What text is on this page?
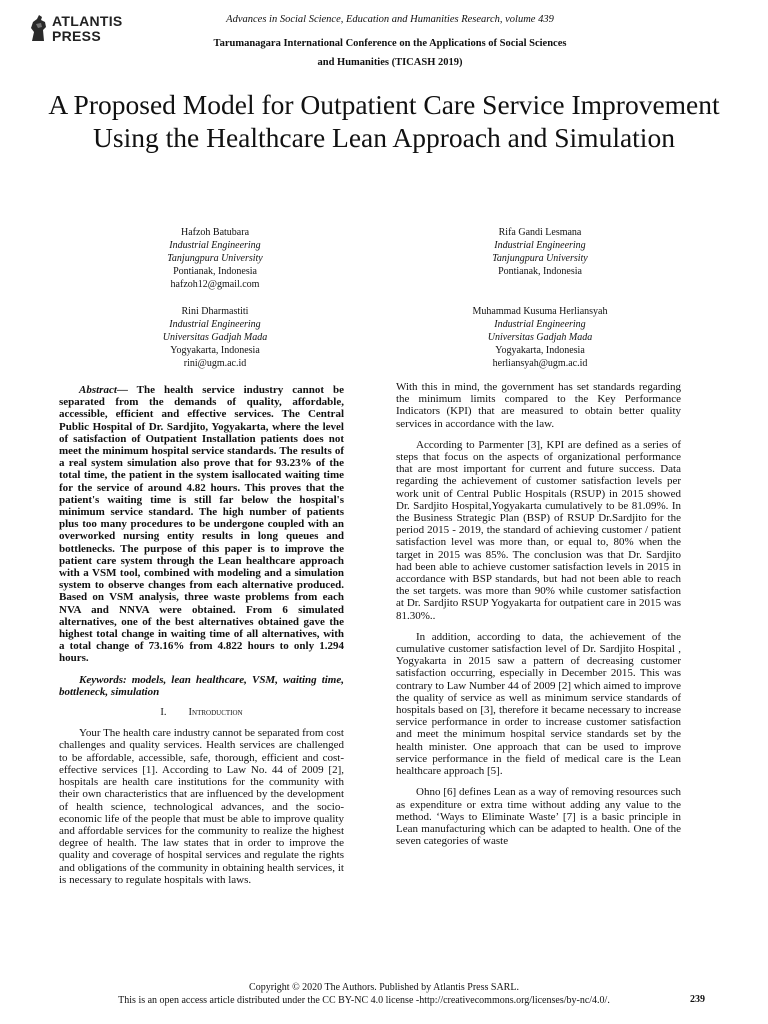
ATLANTIS
PRESS
Advances in Social Science, Education and Humanities Research, volume 439
Tarumanagara International Conference on the Applications of Social Sciences
and Humanities (TICASH 2019)
A Proposed Model for Outpatient Care Service Improvement Using the Healthcare Lean Approach and Simulation
Hafzoh Batubara
Industrial Engineering
Tanjungpura University
Pontianak, Indonesia
hafzoh12@gmail.com
Rifa Gandi Lesmana
Industrial Engineering
Tanjungpura University
Pontianak, Indonesia
Rini Dharmastiti
Industrial Engineering
Universitas Gadjah Mada
Yogyakarta, Indonesia
rini@ugm.ac.id
Muhammad Kusuma Herliansyah
Industrial Engineering
Universitas Gadjah Mada
Yogyakarta, Indonesia
herliansyah@ugm.ac.id

Abstract— The health service industry cannot be separated from the demands of quality, affordable, accessible, efficient and effective services. The Central Public Hospital of Dr. Sardjito, Yogyakarta, where the level of satisfaction of Outpatient Installation patients does not meet the minimum hospital service standards. The results of a real system simulation also prove that for 93.23% of the total time, the patient in the system isallocated waiting time for the service of around 4.82 hours. This proves that the patient's waiting time is still far below the hospital's minimum service standard. The high number of patients plus too many procedures to be undergone coupled with an overworked nursing entity results in long queues and bottlenecks. The purpose of this paper is to improve the patient care system through the Lean healthcare approach with a VSM tool, combined with modeling and a simulation system to observe changes from each alternative produced. Based on VSM analysis, three waste problems from each NVA and NNVA were obtained. From 6 simulated alternatives, one of the best alternatives obtained gave the highest total change in waiting time of all alternatives, with a total change of 73.16% from 4.822 hours to only 1.294 hours.

Keywords: models, lean healthcare, VSM, waiting time, bottleneck, simulation

I. Introduction

Your The health care industry cannot be separated from cost challenges and quality services. Health services are challenged to be affordable, accessible, safe, thorough, efficient and cost- effective services [1]. According to Law No. 44 of 2009 [2], hospitals are health care institutions for the community with their own characteristics that are influenced by the development of health science, technological advances, and the socio-economic life of the people that must be able to improve quality and affordable services for the community to realize the highest degree of health. The law states that in order to improve the quality and coverage of hospital services and regulate the rights and obligations of the community in obtaining health services, it is necessary to regulate hospitals with laws.

With this in mind, the government has set standards regarding the minimum limits compared to the Key Performance Indicators (KPI) that are measured to obtain better quality services in accordance with the law.

According to Parmenter [3], KPI are defined as a series of steps that focus on the aspects of organizational performance that are most important for current and future success. Data regarding the achievement of customer satisfaction levels per work unit of Central Public Hospitals (RSUP) in 2015 showed Dr. Sardjito Hospital,Yogyakarta cumulatively to be 81.09%. In the Business Strategic Plan (BSP) of RSUP Dr.Sardjito for the period 2015 - 2019, the standard of achieving customer / patient satisfaction level was more than, or equal to, 80% when the target in 2015 was 85%. The conclusion was that Dr. Sardjito had been able to achieve customer satisfaction levels in 2015 in accordance with BSP standards, but had not been able to reach the set targets. was more than 90% while customer satisfaction at Dr. Sardjito RSUP Yogyakarta for outpatient care in 2015 was 81.30%..

In addition, according to data, the achievement of the cumulative customer satisfaction level of Dr. Sardjito Hospital , Yogyakarta in 2015 saw a pattern of decreasing customer satisfaction occurring, especially in December 2015. This was contrary to Law Number 44 of 2009 [2] which aimed to improve the quality of service as well as minimum service standards of hospitals based on [3], therefore it became necessary to increase service performance in order to increase customer satisfaction and meet the minimum hospital service standards set by the health minister. One approach that can be used to improve service performance in the field of medical care is the Lean healthcare approach [5].

Ohno [6] defines Lean as a way of removing resources such as expenditure or extra time without adding any value to the method. ‘Ways to Eliminate Waste’ [7] is a basic principle in Lean manufacturing which can be adapted to health. One of the seven categories of waste

Copyright © 2020 The Authors. Published by Atlantis Press SARL.
This is an open access article distributed under the CC BY-NC 4.0 license -http://creativecommons.org/licenses/by-nc/4.0/.	239
